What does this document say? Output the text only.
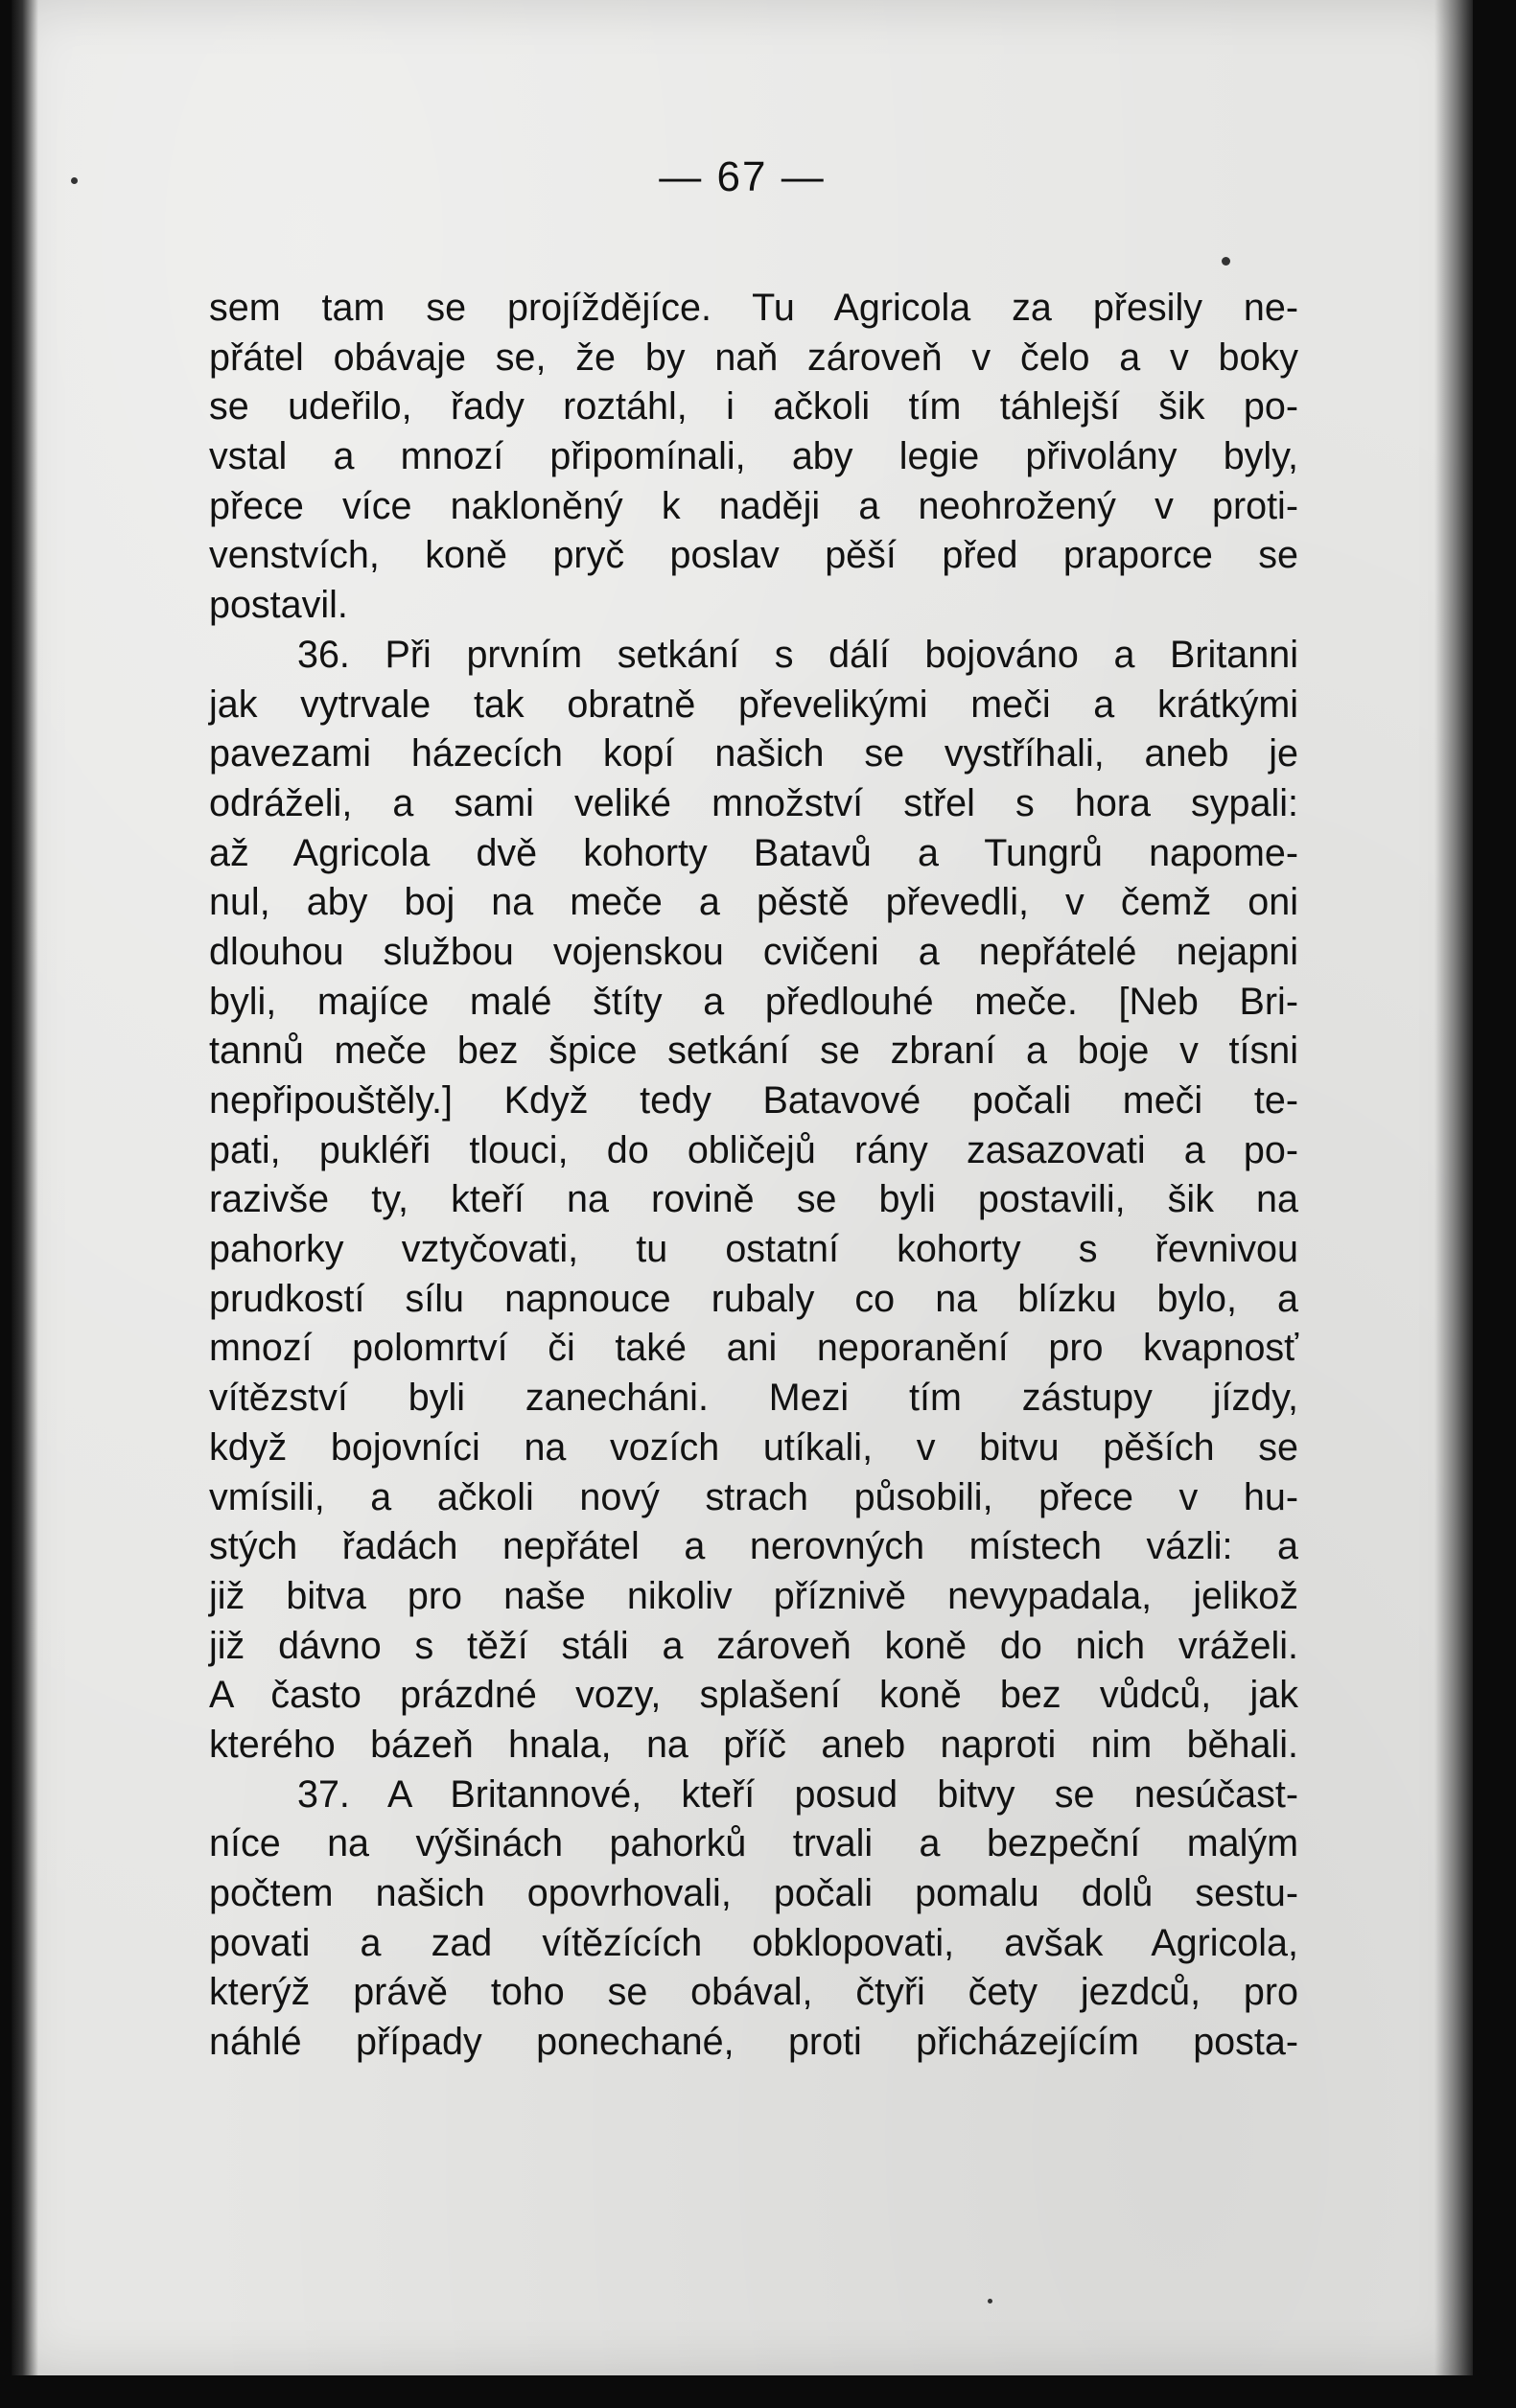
— 67 —
sem tam se projíždějíce. Tu Agricola za přesily ne-
přátel obávaje se, že by naň zároveň v čelo a v boky
se udeřilo, řady roztáhl, i ačkoli tím táhlejší šik po-
vstal a mnozí připomínali, aby legie přivolány byly,
přece více nakloněný k naději a neohrožený v proti-
venstvích, koně pryč poslav pěší před praporce se
postavil.
36. Při prvním setkání s dálí bojováno a Britanni
jak vytrvale tak obratně převelikými meči a krátkými
pavezami házecích kopí našich se vystříhali, aneb je
odráželi, a sami veliké množství střel s hora sypali:
až Agricola dvě kohorty Batavů a Tungrů napome-
nul, aby boj na meče a pěstě převedli, v čemž oni
dlouhou službou vojenskou cvičeni a nepřátelé nejapni
byli, majíce malé štíty a předlouhé meče. [Neb Bri-
tannů meče bez špice setkání se zbraní a boje v tísni
nepřipouštěly.] Když tedy Batavové počali meči te-
pati, pukléři tlouci, do obličejů rány zasazovati a po-
razivše ty, kteří na rovině se byli postavili, šik na
pahorky vztyčovati, tu ostatní kohorty s řevnivou
prudkostí sílu napnouce rubaly co na blízku bylo, a
mnozí polomrtví či také ani neporanění pro kvapnosť
vítězství byli zanecháni. Mezi tím zástupy jízdy,
když bojovníci na vozích utíkali, v bitvu pěších se
vmísili, a ačkoli nový strach působili, přece v hu-
stých řadách nepřátel a nerovných místech vázli: a
již bitva pro naše nikoliv příznivě nevypadala, jelikož
již dávno s těží stáli a zároveň koně do nich vráželi.
A často prázdné vozy, splašení koně bez vůdců, jak
kterého bázeň hnala, na příč aneb naproti nim běhali.
37. A Britannové, kteří posud bitvy se nesúčast-
níce na výšinách pahorků trvali a bezpeční malým
počtem našich opovrhovali, počali pomalu dolů sestu-
povati a zad vítězících obklopovati, avšak Agricola,
kterýž právě toho se obával, čtyři čety jezdců, pro
náhlé případy ponechané, proti přicházejícím posta-
